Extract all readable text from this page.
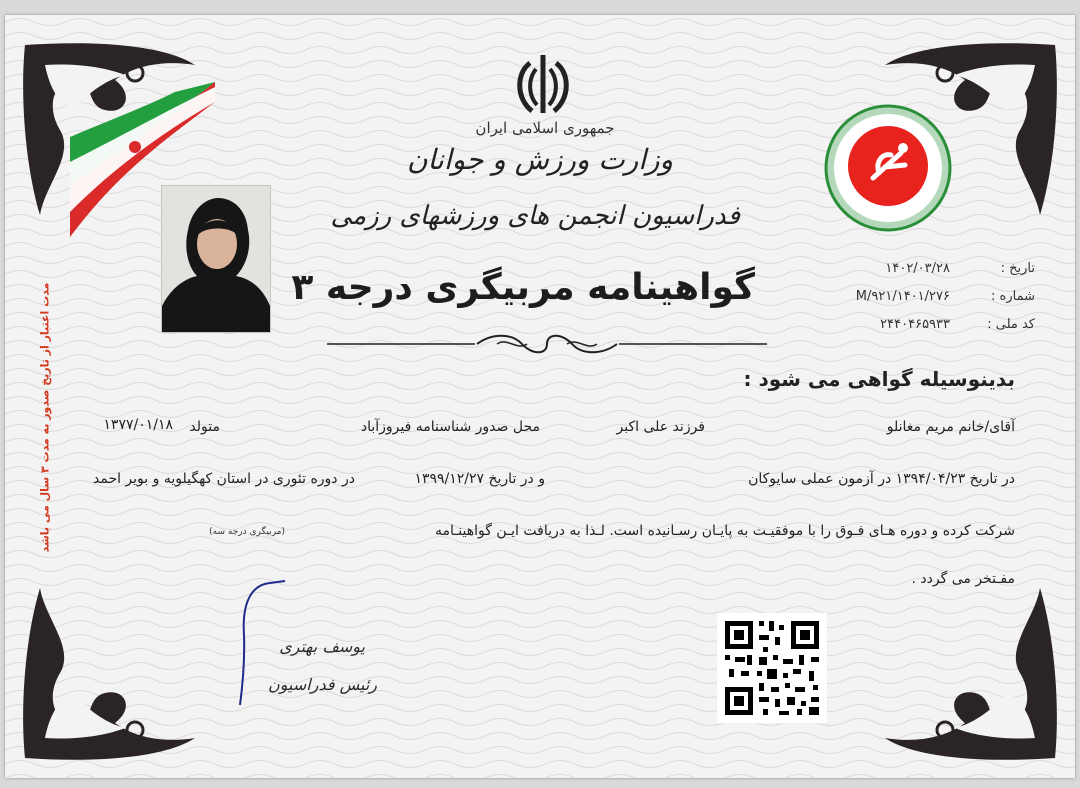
جمهوری اسلامی ایران
وزارت ورزش و جوانان
فدراسیون انجمن های ورزشهای رزمی
مدت اعتبار از تاریخ صدور به مدت ۳ سال می باشد	گواهینامه مربیگری درجه ۳	تاریخ :
۱۴۰۲/۰۳/۲۸
شماره :
۱۴۰۱/۲۷۶/M/۹۲۱
کد ملی :
۲۴۴۰۴۶۵۹۳۳
بدینوسیله گواهی می شود :
آقای/خانم مریم مغانلو
فرزند علی اکبر
محل صدور شناسنامه فیروزآباد
متولد
۱۳۷۷/۰۱/۱۸
در تاریخ ۱۳۹۴/۰۴/۲۳ در آزمون عملی سایوکان
و در تاریخ ۱۳۹۹/۱۲/۲۷
در دوره تئوری در استان کهگیلویه و بویر احمد
شرکت کرده و دوره هـای فـوق را با موفقیـت به پایـان رسـانیده است. لـذا به دریافت ایـن گواهینـامه
(مربیگری درجه سه)
مفـتخر می گردد .
یوسف بهتری
رئیس فدراسیون
